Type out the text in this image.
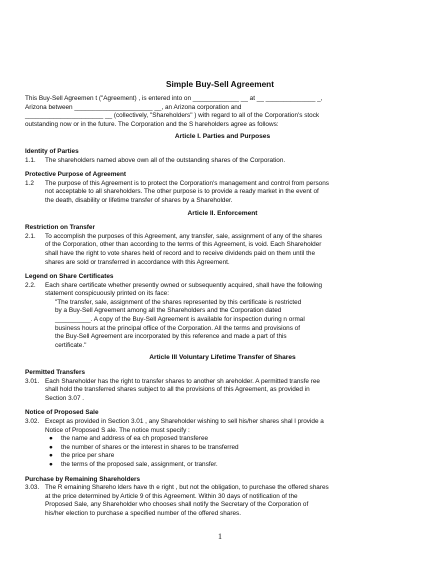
Simple Buy-Sell Agreement

This Buy-Sell Agreemen t ("Agreement) , is entered into on _____________ __ at __ ______________ _,

Arizona between ______________________ __, an Arizona corporation and

______________________ __ (collectively, "Shareholders" ) with regard to all of the Corporation's stock

outstanding now or in the future. The Corporation and the S hareholders agree as follows:

Article I. Parties and Purposes

Identity of Parties

1.1.	The shareholders named above own all of the outstanding shares of the Corporation.

Protective Purpose of Agreement

1.2	The purpose of this Agreement is to protect the Corporation's management and control from persons

not acceptable to all shareholders. The other purpose is to provide a ready market in the event of

the death, disability or lifetime transfer of shares by a Shareholder.

Article II. Enforcement

Restriction on Transfer

2.1.	To accomplish the purposes of this Agreement, any transfer, sale, assignment of any of the shares

of the Corporation, other than according to the terms of this Agreement, is void. Each Shareholder

shall have the right to vote shares held of record and to receive dividends paid on them until the

shares are sold or transferred in accordance with this Agreement.

Legend on Share Certificates

2.2.	Each share certificate whether presently owned or subsequently acquired, shall have the following

statement conspicuously printed on its face:

"The transfer, sale, assignment of the shares represented by this certificate is restricted

by a Buy-Sell Agreement among all the Shareholders and the Corporation dated

__________. A copy of the Buy-Sell Agreement is available for inspection during n ormal

business hours at the principal office of the Corporation. All the terms and provisions of

the Buy-Sell Agreement are incorporated by this reference and made a part of this

certificate."

Article III Voluntary Lifetime Transfer of Shares

Permitted Transfers

3.01. Each Shareholder has the right to transfer shares to another sh areholder. A permitted transfe ree

shall hold the transferred shares subject to all the provisions of this Agreement, as provided in

Section 3.07 .

Notice of Proposed Sale

3.02. Except as provided in Section 3.01 , any Shareholder wishing to sell his/her shares shal l provide a

Notice of Proposed S ale. The notice must specify :

●	the name and address of ea ch proposed transferee
●	the number of shares or the interest in shares to be transferred
●	the price per share
●	the terms of the proposed sale, assignment, or transfer.

Purchase by Remaining Shareholders

3.03. The R emaining Shareho lders have th e right , but not the obligation, to purchase the offered shares

at the price determined by Article 9 of this Agreement. Within 30 days of notification of the

Proposed Sale, any Shareholder who chooses shall notify the Secretary of the Corporation of

his/her election to purchase a specified number of the offered shares.

1
